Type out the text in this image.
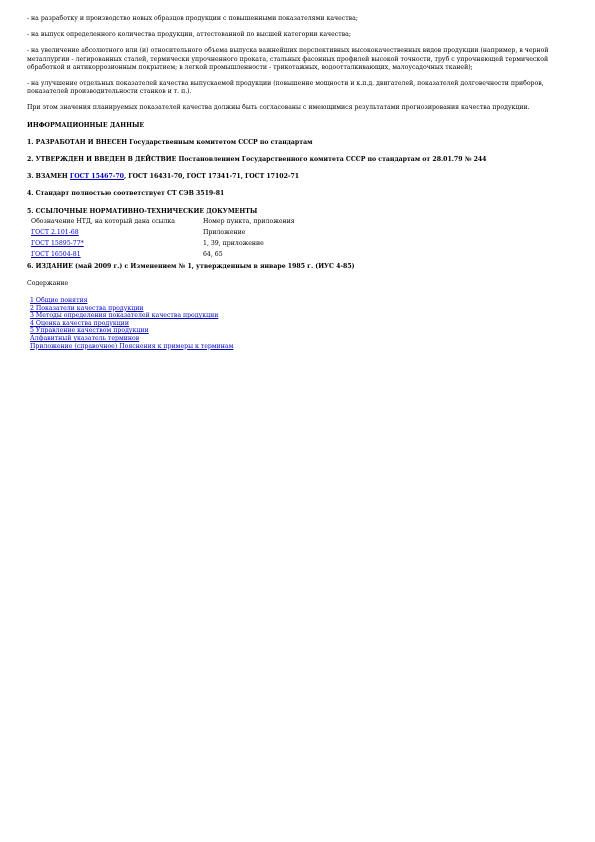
- на разработку и производство новых образцов продукции с повышенными показателями качества;

- на выпуск определенного количества продукции, аттестованной по высшей категории качества;

- на увеличение абсолютного или (и) относительного объема выпуска важнейших перспективных высококачественных видов продукции (например, в черной металлургии - легированных сталей, термически упрочненного проката, стальных фасонных профилей высокой точности, труб с упрочняющей термической обработкой и антикоррозионным покрытием; в легкой промышленности - трикотажных, водоотталкивающих, малоусадочных тканей);

- на улучшение отдельных показателей качества выпускаемой продукции (повышение мощности и к.п.д. двигателей, показателей долговечности приборов, показателей производительности станков и т. п.).

При этом значения планируемых показателей качества должны быть согласованы с имеющимися результатами прогнозирования качества продукции.

ИНФОРМАЦИОННЫЕ ДАННЫЕ

1. РАЗРАБОТАН И ВНЕСЕН Государственным комитетом СССР по стандартам

2. УТВЕРЖДЕН И ВВЕДЕН В ДЕЙСТВИЕ Постановлением Государственного комитета СССР по стандартам от 28.01.79 № 244

3. ВЗАМЕН ГОСТ 15467-70, ГОСТ 16431-70, ГОСТ 17341-71, ГОСТ 17102-71

4. Стандарт полностью соответствует СТ СЭВ 3519-81

5. ССЫЛОЧНЫЕ НОРМАТИВНО-ТЕХНИЧЕСКИЕ ДОКУМЕНТЫ

Обозначение НТД, на который дана ссылка	Номер пункта, приложения
ГОСТ 2.101-68	Приложение
ГОСТ 15895-77*	1, 39, приложение
ГОСТ 16504-81	64, 65

6. ИЗДАНИЕ (май 2009 г.) с Изменением № 1, утвержденным в январе 1985 г. (ИУС 4-85)

Содержание

1 Общие понятия
2 Показатели качества продукции
3 Методы определения показателей качества продукции
4 Оценка качества продукции
5 Управление качеством продукции
Алфавитный указатель терминов
Приложение (справочное) Пояснения к примеры к терминам
